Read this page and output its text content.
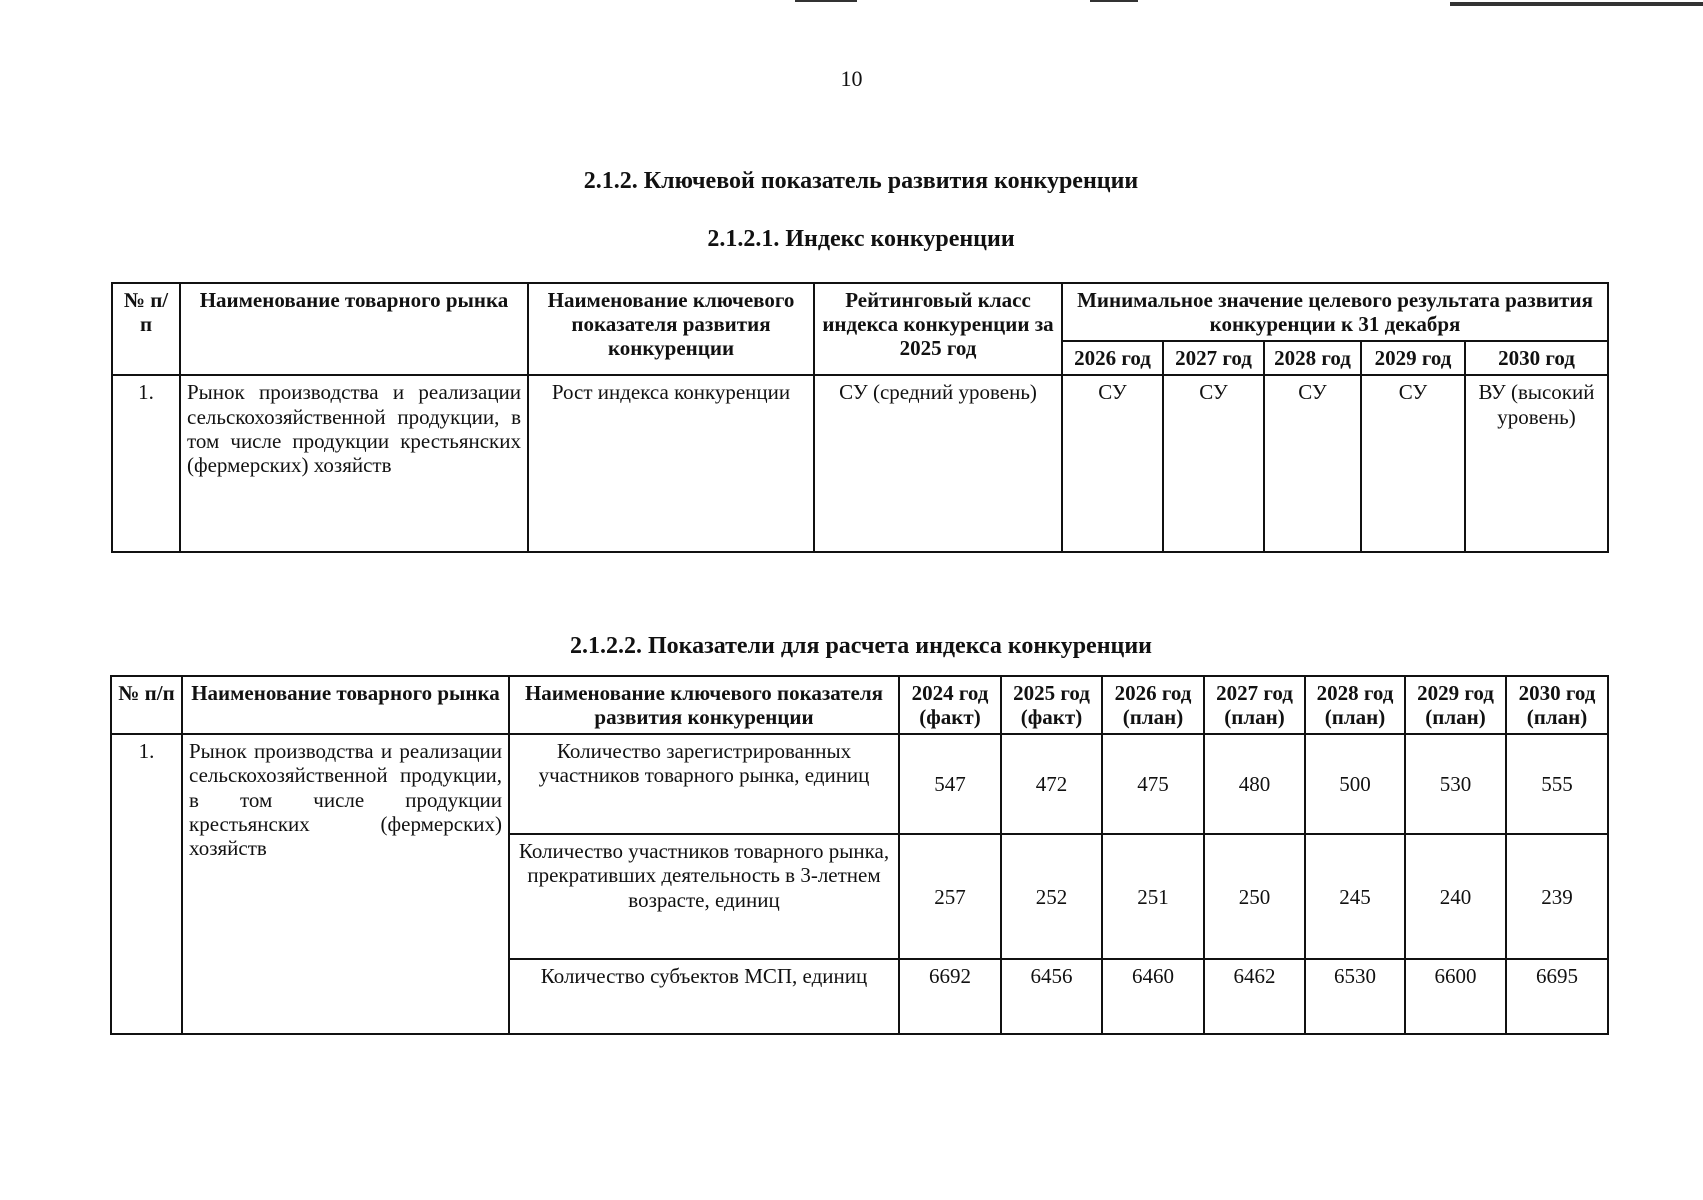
10
2.1.2. Ключевой показатель развития конкуренции
2.1.2.1. Индекс конкуренции
№ п/п	Наименование товарного рынка	Наименование ключевого показателя развития конкуренции	Рейтинговый класс индекса конкуренции за 2025 год	Минимальное значение целевого результата развития конкуренции к 31 декабря				
				2026 год	2027 год	2028 год	2029 год	2030 год
1.	Рынок производства и реализации сельскохозяйственной продукции, в том числе продукции крестьянских (фермерских) хозяйств	Рост индекса конкуренции	СУ (средний уровень)	СУ	СУ	СУ	СУ	ВУ (высокий уровень)
2.1.2.2. Показатели для расчета индекса конкуренции
№ п/п	Наименование товарного рынка	Наименование ключевого показателя развития конкуренции	2024 год (факт)	2025 год (факт)	2026 год (план)	2027 год (план)	2028 год (план)	2029 год (план)	2030 год (план)
1.	Рынок производства и реализации сельскохозяйственной продукции, в том числе продукции крестьянских (фермерских) хозяйств	Количество зарегистрированных участников товарного рынка, единиц	547	472	475	480	500	530	555
		Количество участников товарного рынка, прекративших деятельность в 3-летнем возрасте, единиц	257	252	251	250	245	240	239
		Количество субъектов МСП, единиц	6692	6456	6460	6462	6530	6600	6695
